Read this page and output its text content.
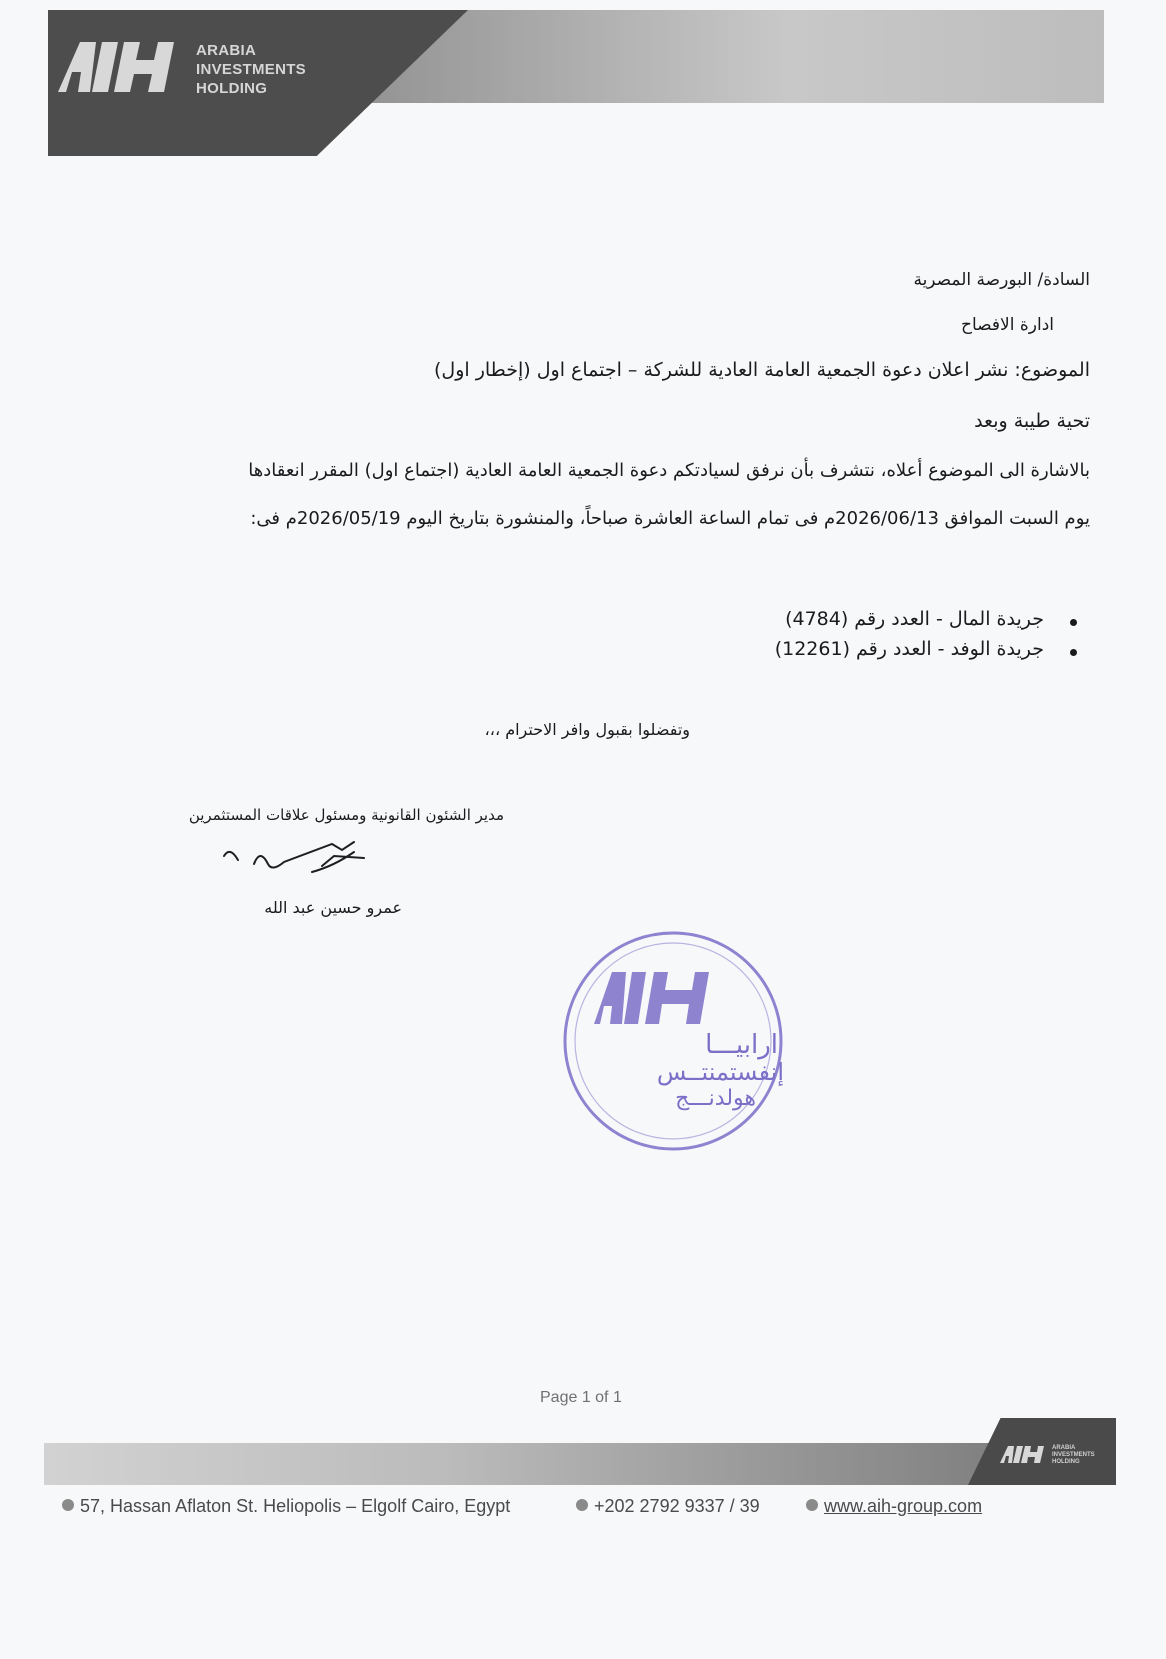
ARABIA
INVESTMENTS
HOLDING
السادة/ البورصة المصرية
ادارة الافصاح
الموضوع: نشر اعلان دعوة الجمعية العامة العادية للشركة – اجتماع اول (إخطار اول)
تحية طيبة وبعد
بالاشارة الى الموضوع أعلاه، نتشرف بأن نرفق لسيادتكم دعوة الجمعية العامة العادية (اجتماع اول) المقرر انعقادها
يوم السبت الموافق 2026/06/13م فى تمام الساعة العاشرة صباحاً، والمنشورة بتاريخ اليوم 2026/05/19م فى:
جريدة المال - العدد رقم (4784)
جريدة الوفد - العدد رقم (12261)
وتفضلوا بقبول وافر الاحترام ،،،
مدير الشئون القانونية ومسئول علاقات المستثمرين
عمرو حسين عبد الله
ارابيـــا
إنفستمنتــس
هولدنـــج
Page 1 of 1
ARABIA
INVESTMENTS
HOLDING
57, Hassan Aflaton St. Heliopolis – Elgolf Cairo, Egypt	+202 2792 9337 / 39	www.aih-group.com
